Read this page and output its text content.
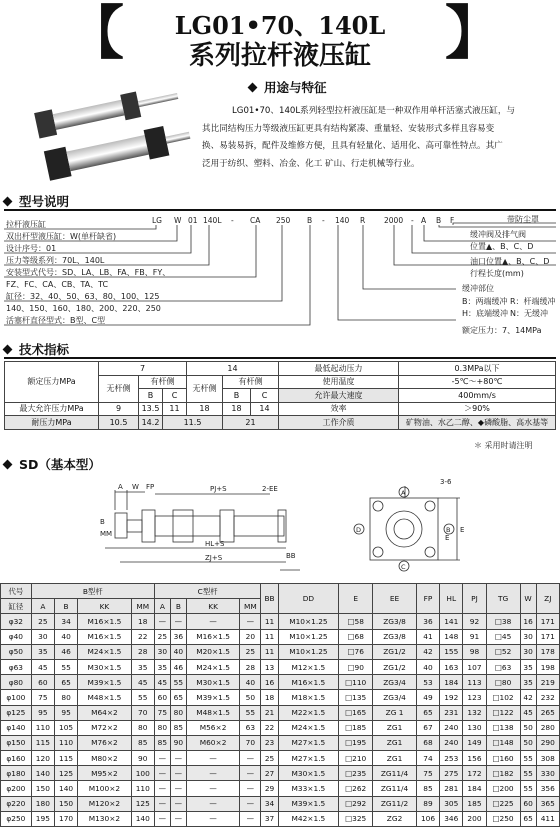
【	】
LG01•70、140L
系列拉杆液压缸
用途与特征
LG01•70、140L系列轻型拉杆液压缸是一种双作用单杆活塞式液压缸，与
其比同结构压力等级液压缸更具有结构紧凑、重量轻、安装形式多样且容易变
换、易装易拆，配件及维修方便，且具有轻量化、适用化、高可靠性特点。其广
泛用于纺织、塑料、冶金、化工 矿山、行走机械等行业。
型号说明
LG W 01 140L - CA 250 B - 140 R	2000 - A B F
拉杆液压缸
双出杆型液压缸：W(单杆缺省)
设计序号：01
压力等级系列：70L、140L
安装型式代号：SD、LA、LB、FA、FB、FY、
FZ、FC、CA、CB、TA、TC
缸径：32、40、50、63、80、100、125
140、150、160、180、200、220、250
活塞杆直径型式：B型、C型
带防尘罩
缓冲阀及排气阀
位置▲、B、C、D
油口位置▲、B、C、D
行程长度(mm)
缓冲部位
B：两端缓冲 R：杆端缓冲
H：底端缓冲 N：无缓冲
额定压力：7、14MPa
技术指标
额定压力MPa	7			14			最低起动压力	0.3MPa以下
	无杆侧	有杆侧		无杆侧	有杆侧		使用温度	-5℃～+80℃
		B	C		B	C	允许最大速度	400mm/s
最大允许压力MPa	9	13.5	11	18	18	14	效率	＞90%
耐压力MPa	10.5	14.2	11.5		21		工作介质	矿物油、水乙二醇、◆磷酸脂、高水基等
＊ 采用时请注明
SD（基本型）
A W FP	PJ+S	2-EE
B
MM
HL+S
ZJ+S	BB
3-6
E
E
A
B
C
D
代号	B型杆				C型杆				BB	DD	E	EE	FP	HL	PJ	TG	W	ZJ
缸径	A	B	KK	MM	A	B	KK	MM										
φ32	25	34	M16×1.5	18	—	—	—	—	11	M10×1.25	□58	ZG3/8	36	141	92	□38	16	171
φ40	30	40	M16×1.5	22	25	36	M16×1.5	20	11	M10×1.25	□68	ZG3/8	41	148	91	□45	30	171
φ50	35	46	M24×1.5	28	30	40	M20×1.5	25	11	M10×1.25	□76	ZG1/2	42	155	98	□52	30	178
φ63	45	55	M30×1.5	35	35	46	M24×1.5	28	13	M12×1.5	□90	ZG1/2	40	163	107	□63	35	198
φ80	60	65	M39×1.5	45	45	55	M30×1.5	40	16	M16×1.5	□110	ZG3/4	53	184	113	□80	35	219
φ100	75	80	M48×1.5	55	60	65	M39×1.5	50	18	M18×1.5	□135	ZG3/4	49	192	123	□102	42	232
φ125	95	95	M64×2	70	75	80	M48×1.5	55	21	M22×1.5	□165	ZG 1	65	231	132	□122	45	265
φ140	110	105	M72×2	80	80	85	M56×2	63	22	M24×1.5	□185	ZG1	67	240	130	□138	50	280
φ150	115	110	M76×2	85	85	90	M60×2	70	23	M27×1.5	□195	ZG1	68	240	149	□148	50	290
φ160	120	115	M80×2	90	—	—	—	—	25	M27×1.5	□210	ZG1	74	253	156	□160	55	308
φ180	140	125	M95×2	100	—	—	—	—	27	M30×1.5	□235	ZG11/4	75	275	172	□182	55	330
φ200	150	140	M100×2	110	—	—	—	—	29	M33×1.5	□262	ZG11/4	85	281	184	□200	55	356
φ220	180	150	M120×2	125	—	—	—	—	34	M39×1.5	□292	ZG11/2	89	305	185	□225	60	365
φ250	195	170	M130×2	140	—	—	—	—	37	M42×1.5	□325	ZG2	106	346	200	□250	65	411
